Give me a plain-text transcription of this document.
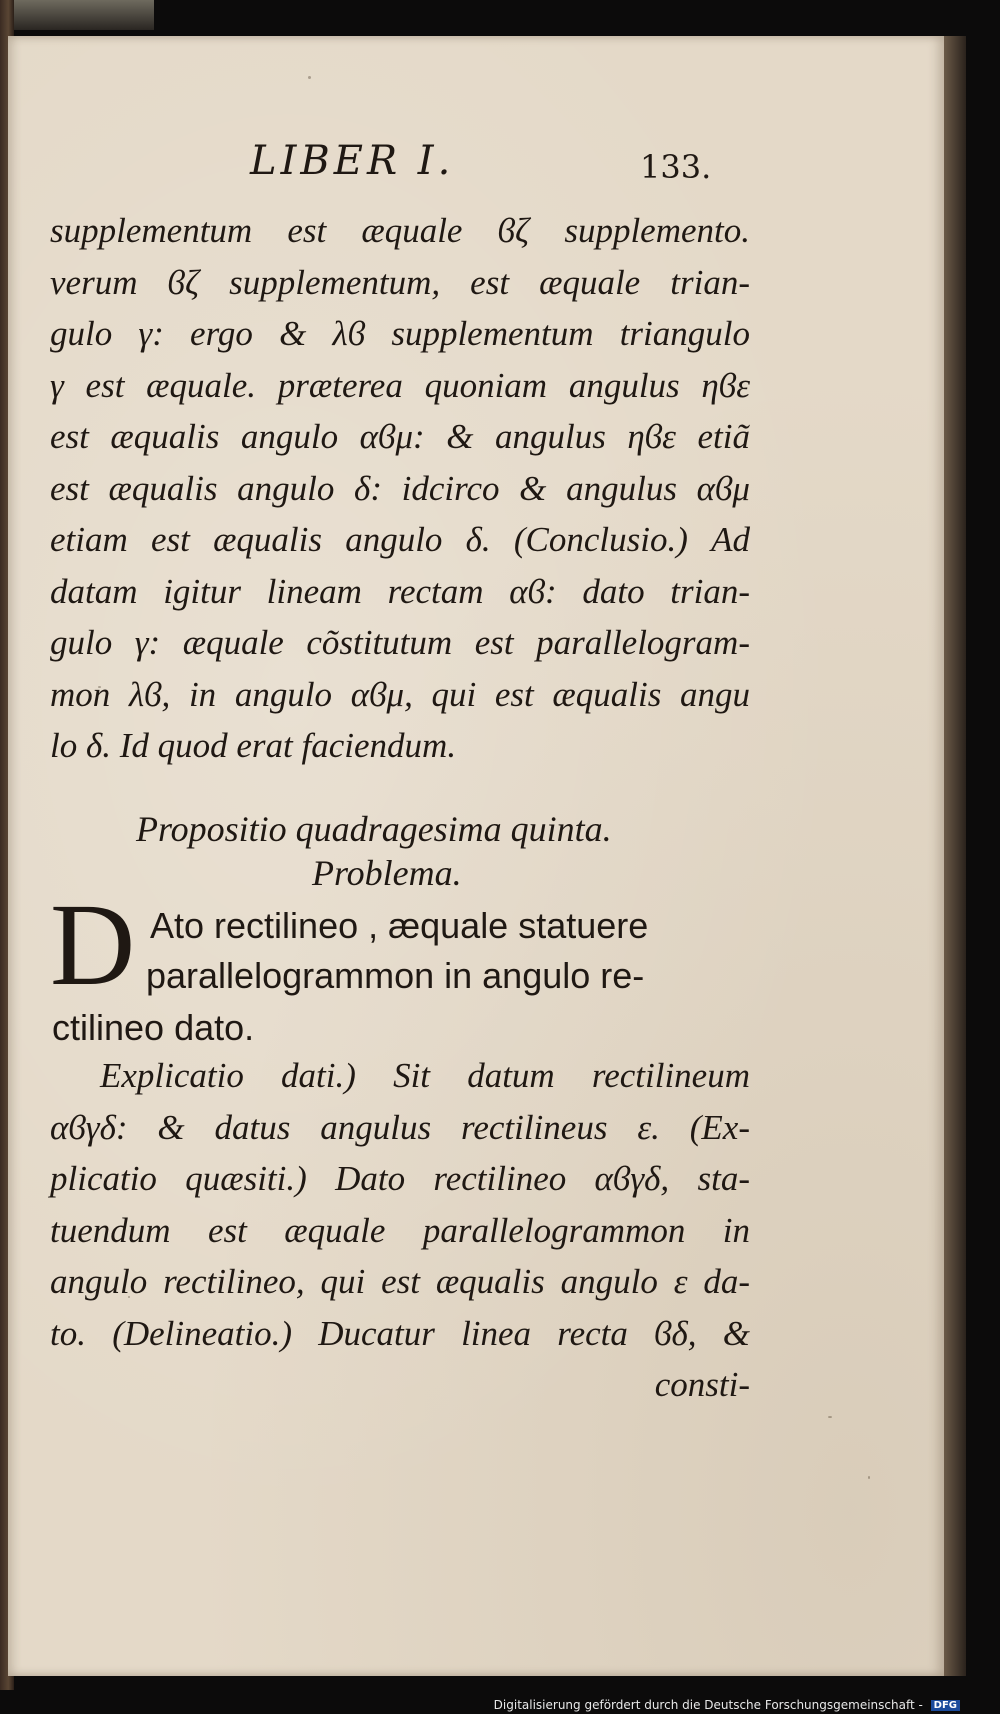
LIBER I.	133.
supplementum est æquale ϐζ supplemento.
verum ϐζ supplementum, est æquale trian-
gulo γ: ergo & λϐ supplementum triangulo
γ est æquale. præterea quoniam angulus ηϐε
est æqualis angulo αϐμ: & angulus ηϐε etiã
est æqualis angulo δ: idcirco & angulus αϐμ
etiam est æqualis angulo δ. (Conclusio.) Ad
datam igitur lineam rectam αϐ: dato trian-
gulo γ: æquale cõstitutum est parallelogram-
mon λϐ, in angulo αϐμ, qui est æqualis angu
lo δ. Id quod erat faciendum.
Propositio quadragesima quinta.
Problema.
D Ato rectilineo , æquale statuere
parallelogrammon in angulo re-
ctilineo dato.
Explicatio dati.) Sit datum rectilineum
αϐγδ: & datus angulus rectilineus ε. (Ex-
plicatio quæsiti.) Dato rectilineo αϐγδ, sta-
tuendum est æquale parallelogrammon in
angulo rectilineo, qui est æqualis angulo ε da-
to. (Delineatio.) Ducatur linea recta ϐδ, &
consti-
Digitalisierung gefördert durch die Deutsche Forschungsgemeinschaft - DFG
